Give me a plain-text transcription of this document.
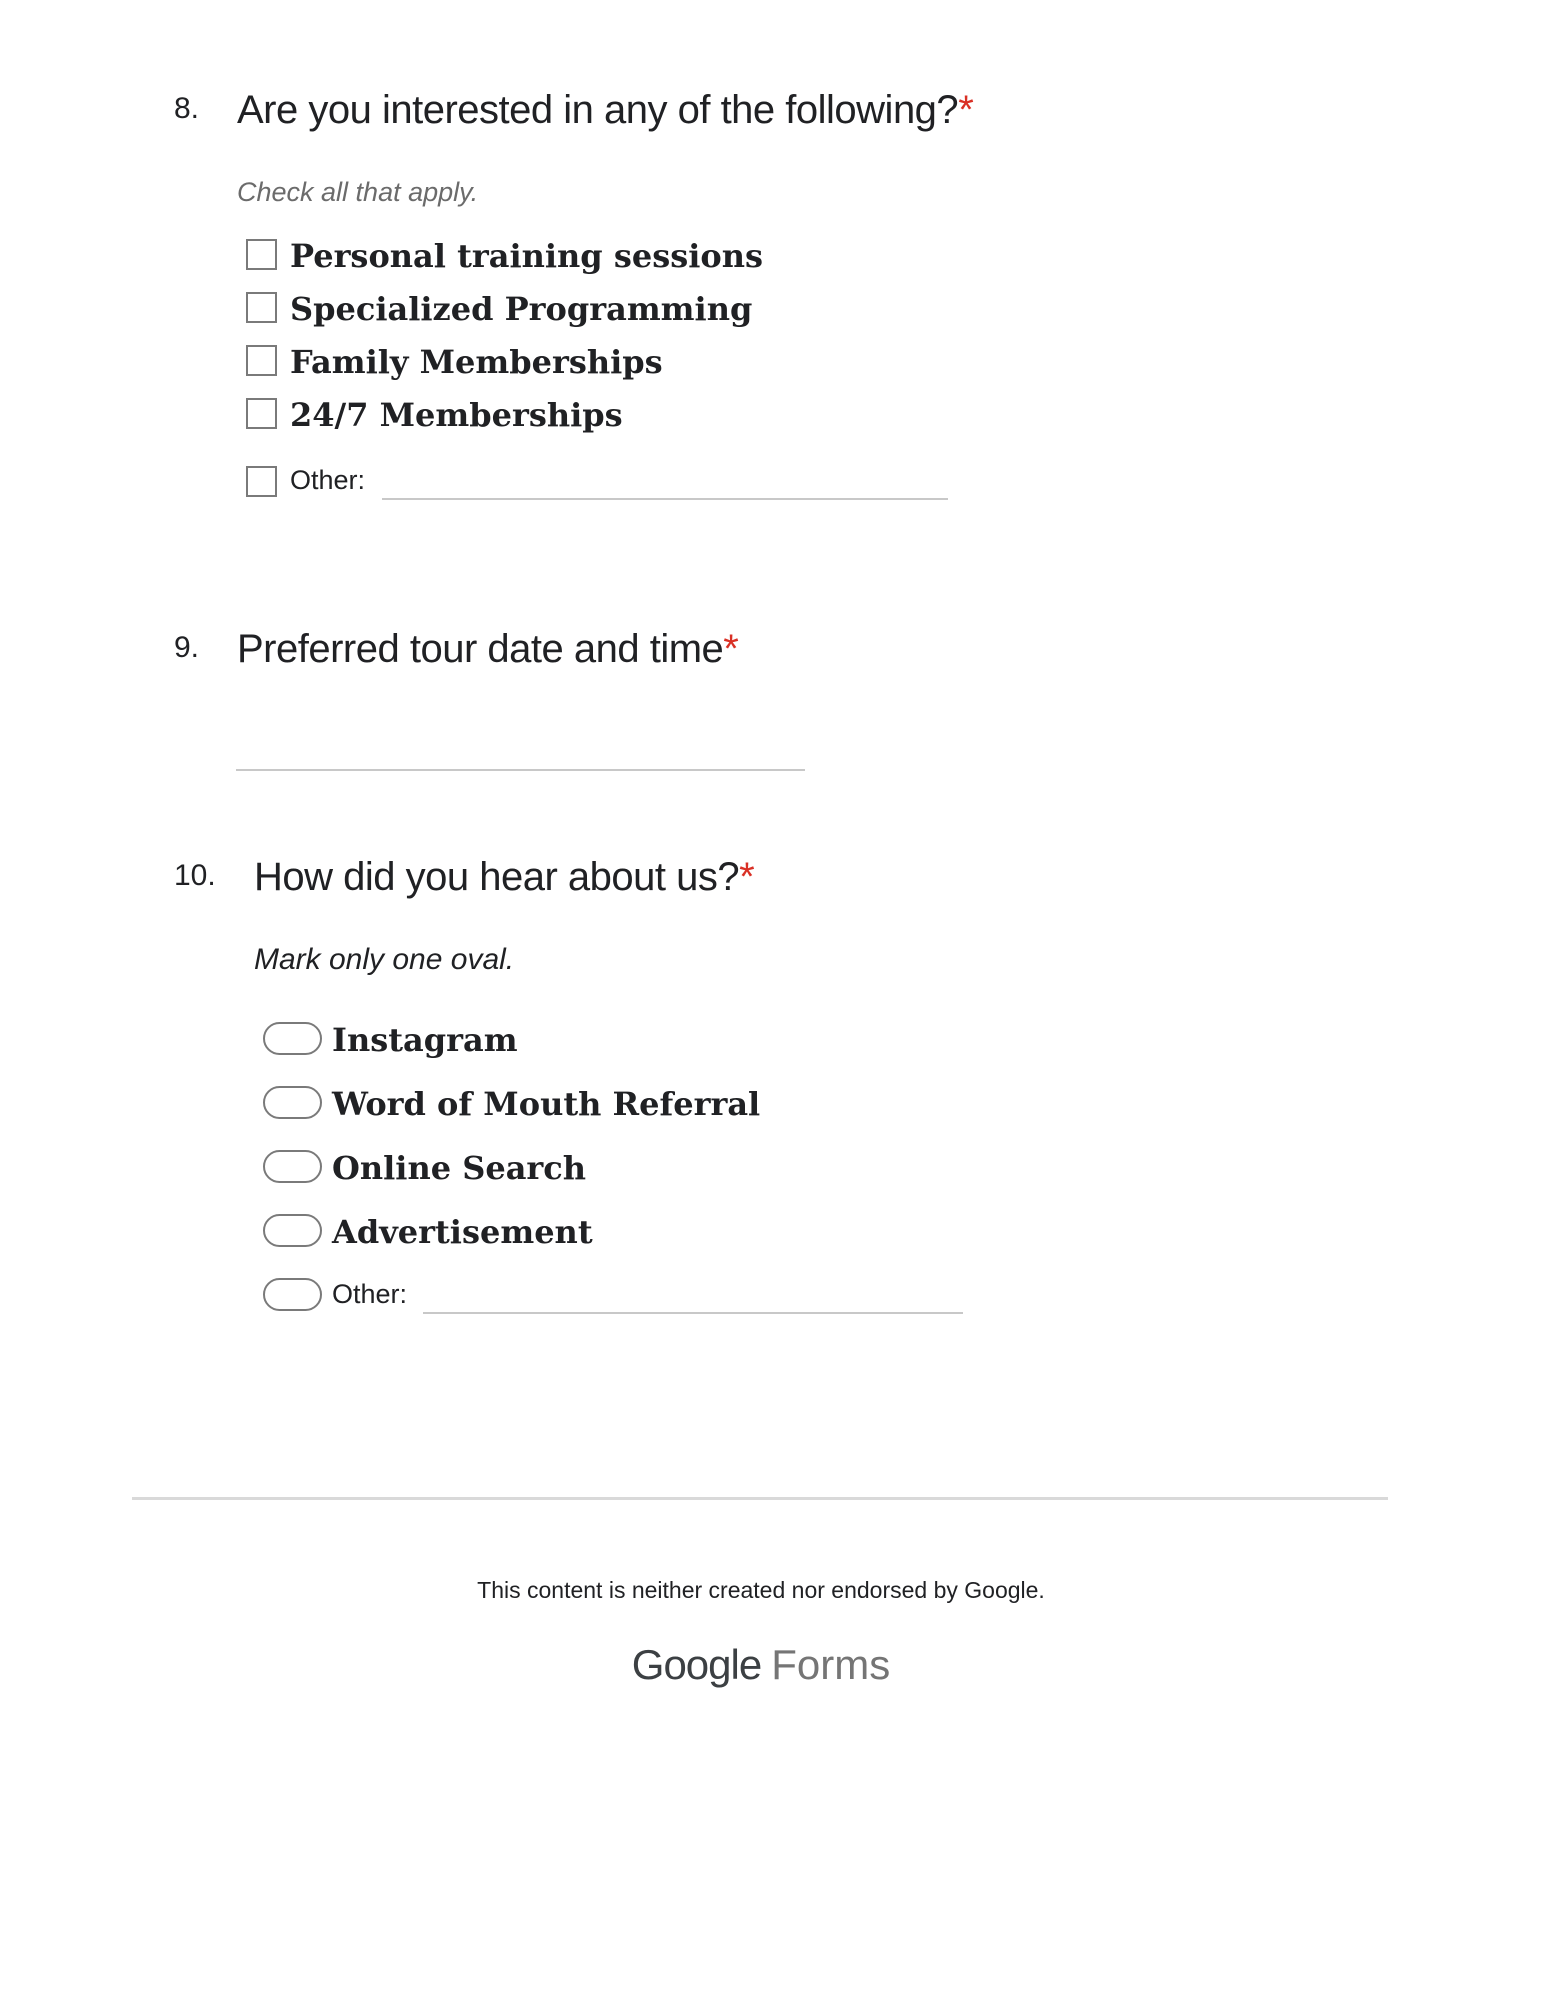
8. Are you interested in any of the following?*
Check all that apply.
Personal training sessions
Specialized Programming
Family Memberships
24/7 Memberships
Other:
9. Preferred tour date and time*
10. How did you hear about us?*
Mark only one oval.
Instagram
Word of Mouth Referral
Online Search
Advertisement
Other:
This content is neither created nor endorsed by Google.
Google Forms
